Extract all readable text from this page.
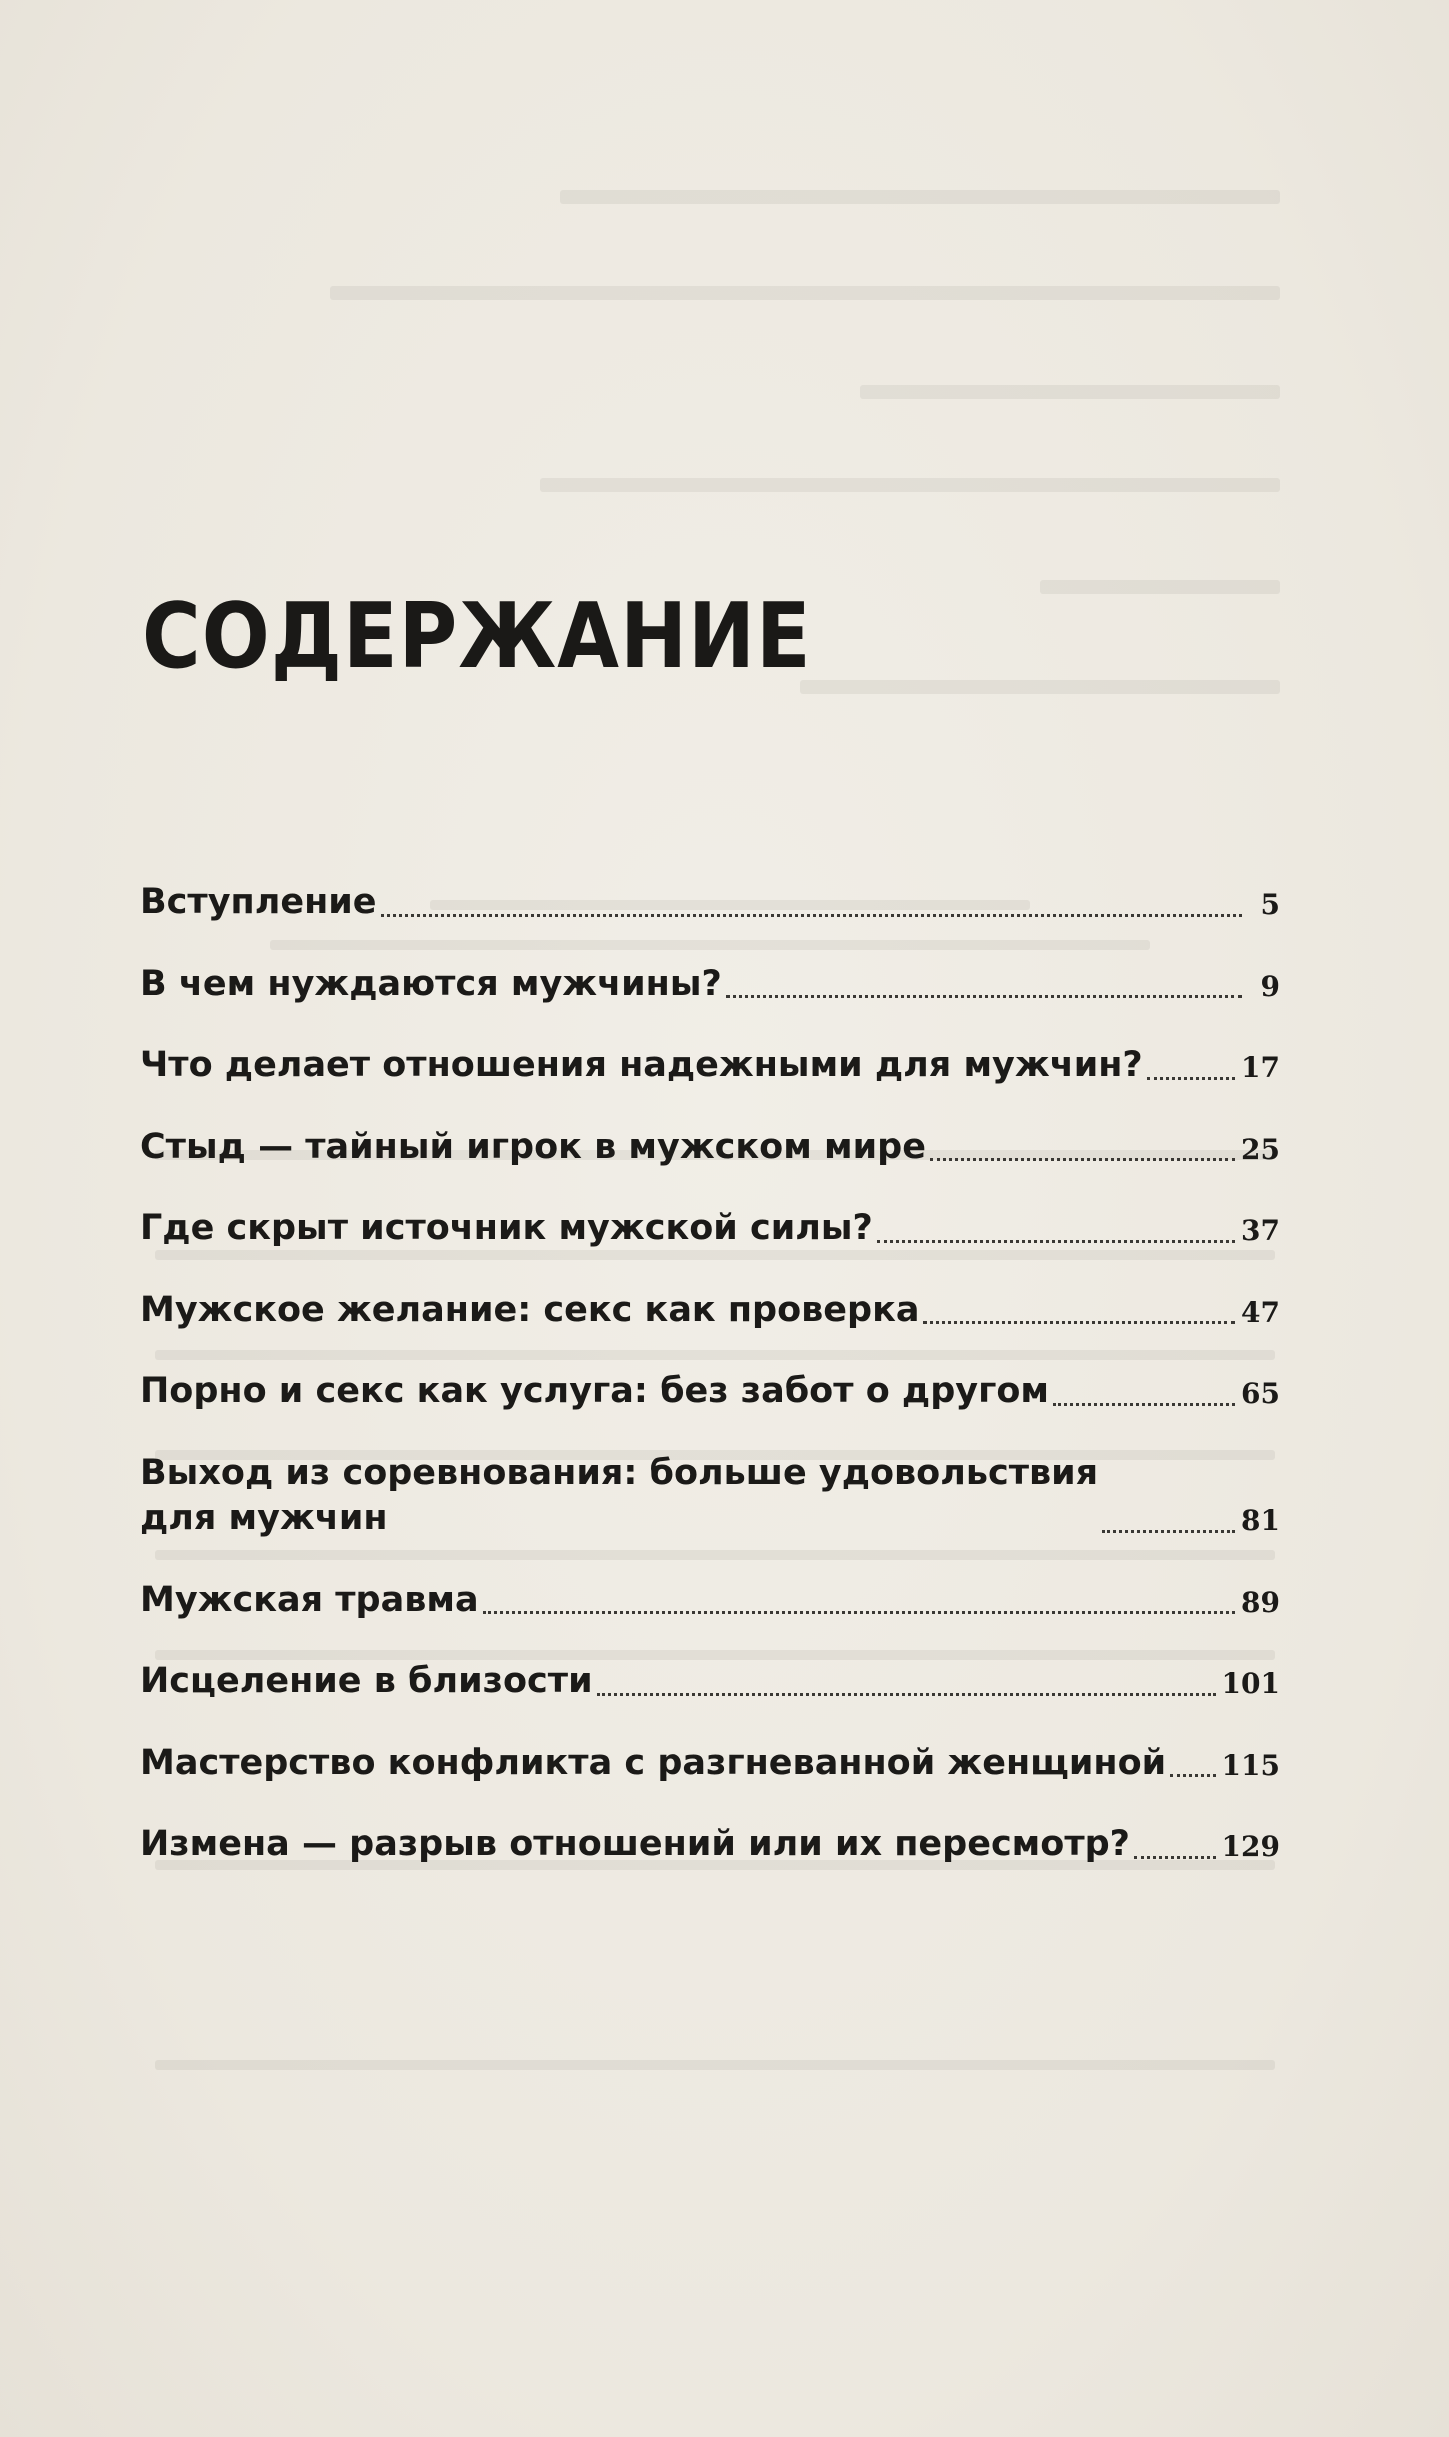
СОДЕРЖАНИЕ
Вступление	5
В чем нуждаются мужчины?	9
Что делает отношения надежными для мужчин?	17
Стыд — тайный игрок в мужском мире	25
Где скрыт источник мужской силы?	37
Мужское желание: секс как проверка	47
Порно и секс как услуга: без забот о другом	65
Выход из соревнования: больше удовольствия
для мужчин	81
Мужская травма	89
Исцеление в близости	101
Мастерство конфликта с разгневанной женщиной 115
Измена — разрыв отношений или их пересмотр?	129
